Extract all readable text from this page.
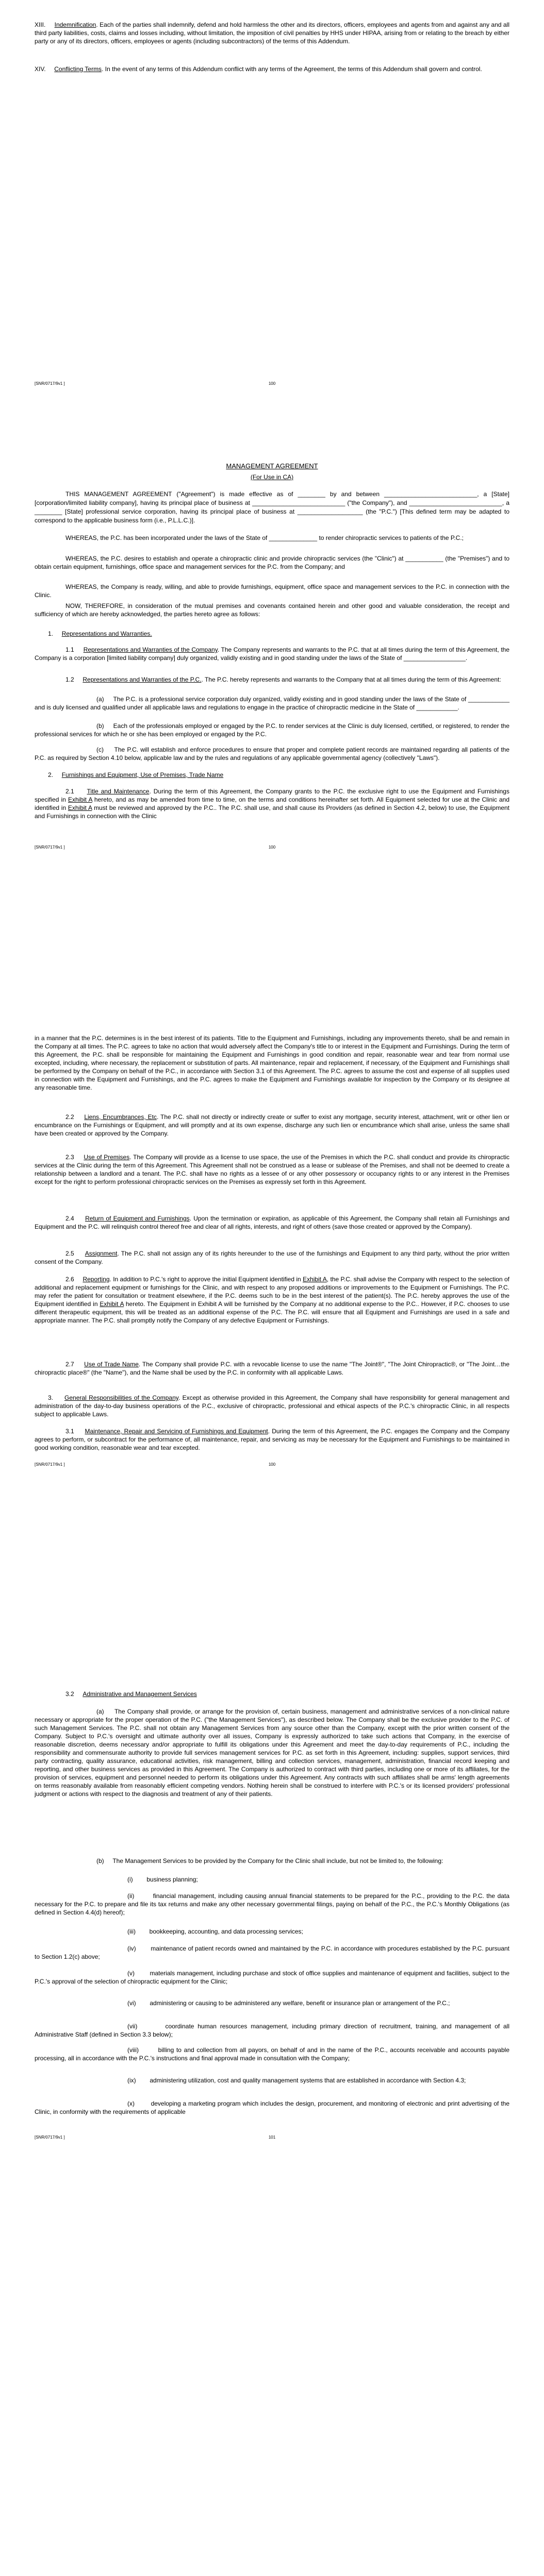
XIII. Indemnification. Each of the parties shall indemnify, defend and hold harmless the other and its directors, officers, employees and agents from and against any and all third party liabilities, costs, claims and losses including, without limitation, the imposition of civil penalties by HHS under HIPAA, arising from or relating to the breach by either party or any of its directors, officers, employees or agents (including subcontractors) of the terms of this Addendum.
XIV. Conflicting Terms. In the event of any terms of this Addendum conflict with any terms of the Agreement, the terms of this Addendum shall govern and control.
[SNR/0717/9v1 ]	100
MANAGEMENT AGREEMENT
(For Use in CA)
THIS MANAGEMENT AGREEMENT ("Agreement") is made effective as of ________ by and between ___________________________, a [State] [corporation/limited liability company], having its principal place of business at ___________________________ ("the Company"), and ___________________________, a ________ [State] professional service corporation, having its principal place of business at ___________________ (the "P.C.") [This defined term may be adapted to correspond to the applicable business form (i.e., P.L.L.C.)].
WHEREAS, the P.C. has been incorporated under the laws of the State of ______________ to render chiropractic services to patients of the P.C.;
WHEREAS, the P.C. desires to establish and operate a chiropractic clinic and provide chiropractic services (the "Clinic") at ___________ (the "Premises") and to obtain certain equipment, furnishings, office space and management services for the P.C. from the Company; and
WHEREAS, the Company is ready, willing, and able to provide furnishings, equipment, office space and management services to the P.C. in connection with the Clinic.
NOW, THEREFORE, in consideration of the mutual premises and covenants contained herein and other good and valuable consideration, the receipt and sufficiency of which are hereby acknowledged, the parties hereto agree as follows:
1. Representations and Warranties.
1.1 Representations and Warranties of the Company. The Company represents and warrants to the P.C. that at all times during the term of this Agreement, the Company is a corporation [limited liability company] duly organized, validly existing and in good standing under the laws of the State of __________________.
1.2 Representations and Warranties of the P.C.. The P.C. hereby represents and warrants to the Company that at all times during the term of this Agreement:
(a) The P.C. is a professional service corporation duly organized, validly existing and in good standing under the laws of the State of ____________ and is duly licensed and qualified under all applicable laws and regulations to engage in the practice of chiropractic medicine in the State of ____________.
(b) Each of the professionals employed or engaged by the P.C. to render services at the Clinic is duly licensed, certified, or registered, to render the professional services for which he or she has been employed or engaged by the P.C.
(c) The P.C. will establish and enforce procedures to ensure that proper and complete patient records are maintained regarding all patients of the P.C. as required by Section 4.10 below, applicable law and by the rules and regulations of any applicable governmental agency (collectively "Laws").
2. Furnishings and Equipment, Use of Premises, Trade Name
2.1 Title and Maintenance. During the term of this Agreement, the Company grants to the P.C. the exclusive right to use the Equipment and Furnishings specified in Exhibit A hereto, and as may be amended from time to time, on the terms and conditions hereinafter set forth. All Equipment selected for use at the Clinic and identified in Exhibit A must be reviewed and approved by the P.C.. The P.C. shall use, and shall cause its Providers (as defined in Section 4.2, below) to use, the Equipment and Furnishings in connection with the Clinic
[SNR/0717/9v1 ]	100
in a manner that the P.C. determines is in the best interest of its patients. Title to the Equipment and Furnishings, including any improvements thereto, shall be and remain in the Company at all times. The P.C. agrees to take no action that would adversely affect the Company's title to or interest in the Equipment and Furnishings. During the term of this Agreement, the P.C. shall be responsible for maintaining the Equipment and Furnishings in good condition and repair, reasonable wear and tear from normal use excepted, including, where necessary, the replacement or substitution of parts. All maintenance, repair and replacement, if necessary, of the Equipment and Furnishings shall be performed by the Company on behalf of the P.C., in accordance with Section 3.1 of this Agreement. The P.C. agrees to assume the cost and expense of all supplies used in connection with the Equipment and Furnishings, and the P.C. agrees to make the Equipment and Furnishings available for inspection by the Company or its designee at any reasonable time.
2.2 Liens, Encumbrances, Etc. The P.C. shall not directly or indirectly create or suffer to exist any mortgage, security interest, attachment, writ or other lien or encumbrance on the Furnishings or Equipment, and will promptly and at its own expense, discharge any such lien or encumbrance which shall arise, unless the same shall have been created or approved by the Company.
2.3 Use of Premises. The Company will provide as a license to use space, the use of the Premises in which the P.C. shall conduct and provide its chiropractic services at the Clinic during the term of this Agreement. This Agreement shall not be construed as a lease or sublease of the Premises, and shall not be deemed to create a relationship between a landlord and a tenant. The P.C. shall have no rights as a lessee of or any other possessory or occupancy rights to or any interest in the Premises except for the right to perform professional chiropractic services on the Premises as expressly set forth in this Agreement.
2.4 Return of Equipment and Furnishings. Upon the termination or expiration, as applicable of this Agreement, the Company shall retain all Furnishings and Equipment and the P.C. will relinquish control thereof free and clear of all rights, interests, and right of others (save those created or approved by the Company).
2.5 Assignment. The P.C. shall not assign any of its rights hereunder to the use of the furnishings and Equipment to any third party, without the prior written consent of the Company.
2.6 Reporting. In addition to P.C.'s right to approve the initial Equipment identified in Exhibit A, the P.C. shall advise the Company with respect to the selection of additional and replacement equipment or furnishings for the Clinic, and with respect to any proposed additions or improvements to the Equipment or Furnishings. The P.C. may refer the patient for consultation or treatment elsewhere, if the P.C. deems such to be in the best interest of the patient(s). The P.C. hereby approves the use of the Equipment identified in Exhibit A hereto. The Equipment in Exhibit A will be furnished by the Company at no additional expense to the P.C.. However, if P.C. chooses to use different therapeutic equipment, this will be treated as an additional expense of the P.C. The P.C. will ensure that all Equipment and Furnishings are used in a safe and appropriate manner. The P.C. shall promptly notify the Company of any defective Equipment or Furnishings.
2.7 Use of Trade Name. The Company shall provide P.C. with a revocable license to use the name "The Joint®", "The Joint Chiropractic®, or "The Joint…the chiropractic place®" (the "Name"), and the Name shall be used by the P.C. in conformity with all applicable Laws.
3. General Responsibilities of the Company. Except as otherwise provided in this Agreement, the Company shall have responsibility for general management and administration of the day-to-day business operations of the P.C., exclusive of chiropractic, professional and ethical aspects of the P.C.'s chiropractic Clinic, in all respects subject to applicable Laws.
3.1 Maintenance, Repair and Servicing of Furnishings and Equipment. During the term of this Agreement, the P.C. engages the Company and the Company agrees to perform, or subcontract for the performance of, all maintenance, repair, and servicing as may be necessary for the Equipment and Furnishings to be maintained in good working condition, reasonable wear and tear excepted.
[SNR/0717/9v1 ]	100
3.2 Administrative and Management Services
(a) The Company shall provide, or arrange for the provision of, certain business, management and administrative services of a non-clinical nature necessary or appropriate for the proper operation of the P.C. ("the Management Services"), as described below. The Company shall be the exclusive provider to the P.C. of such Management Services. The P.C. shall not obtain any Management Services from any source other than the Company, except with the prior written consent of the Company. Subject to P.C.'s oversight and ultimate authority over all issues, Company is expressly authorized to take such actions that Company, in the exercise of reasonable discretion, deems necessary and/or appropriate to fulfill its obligations under this Agreement and meet the day-to-day requirements of P.C., including the responsibility and commensurate authority to provide full services management services for P.C. as set forth in this Agreement, including: supplies, support services, third party contracting, quality assurance, educational activities, risk management, billing and collection services, management, administration, financial record keeping and reporting, and other business services as provided in this Agreement. The Company is authorized to contract with third parties, including one or more of its affiliates, for the provision of services, equipment and personnel needed to perform its obligations under this Agreement. Any contracts with such affiliates shall be arms' length agreements on terms reasonably available from reasonably efficient competing vendors. Nothing herein shall be construed to interfere with P.C.'s or its licensed providers' professional judgment or actions with respect to the diagnosis and treatment of any of their patients.
(b) The Management Services to be provided by the Company for the Clinic shall include, but not be limited to, the following:
(i) business planning;
(ii)	financial management, including causing annual financial statements to be prepared for the P.C., providing to the P.C. the data necessary for the P.C. to prepare and file its tax returns and make any other necessary governmental filings, paying on behalf of the P.C., the P.C.'s Monthly Obligations (as defined in Section 4.4(d) hereof);
(iii) bookkeeping, accounting, and data processing services;
(iv) maintenance of patient records owned and maintained by the P.C. in accordance with procedures established by the P.C. pursuant to Section 1.2(c) above;
(v) materials management, including purchase and stock of office supplies and maintenance of equipment and facilities, subject to the P.C.'s approval of the selection of chiropractic equipment for the Clinic;
(vi) administering or causing to be administered any welfare, benefit or insurance plan or arrangement of the P.C.;
(vii)	coordinate human resources management, including primary direction of recruitment, training, and management of all Administrative Staff (defined in Section 3.3 below);
(viii)	billing to and collection from all payors, on behalf of and in the name of the P.C., accounts receivable and accounts payable processing, all in accordance with the P.C.'s instructions and final approval made in consultation with the Company;
(ix) administering utilization, cost and quality management systems that are established in accordance with Section 4.3;
(x)	developing a marketing program which includes the design, procurement, and monitoring of electronic and print advertising of the Clinic, in conformity with the requirements of applicable
[SNR/0717/9v1 ]	101
